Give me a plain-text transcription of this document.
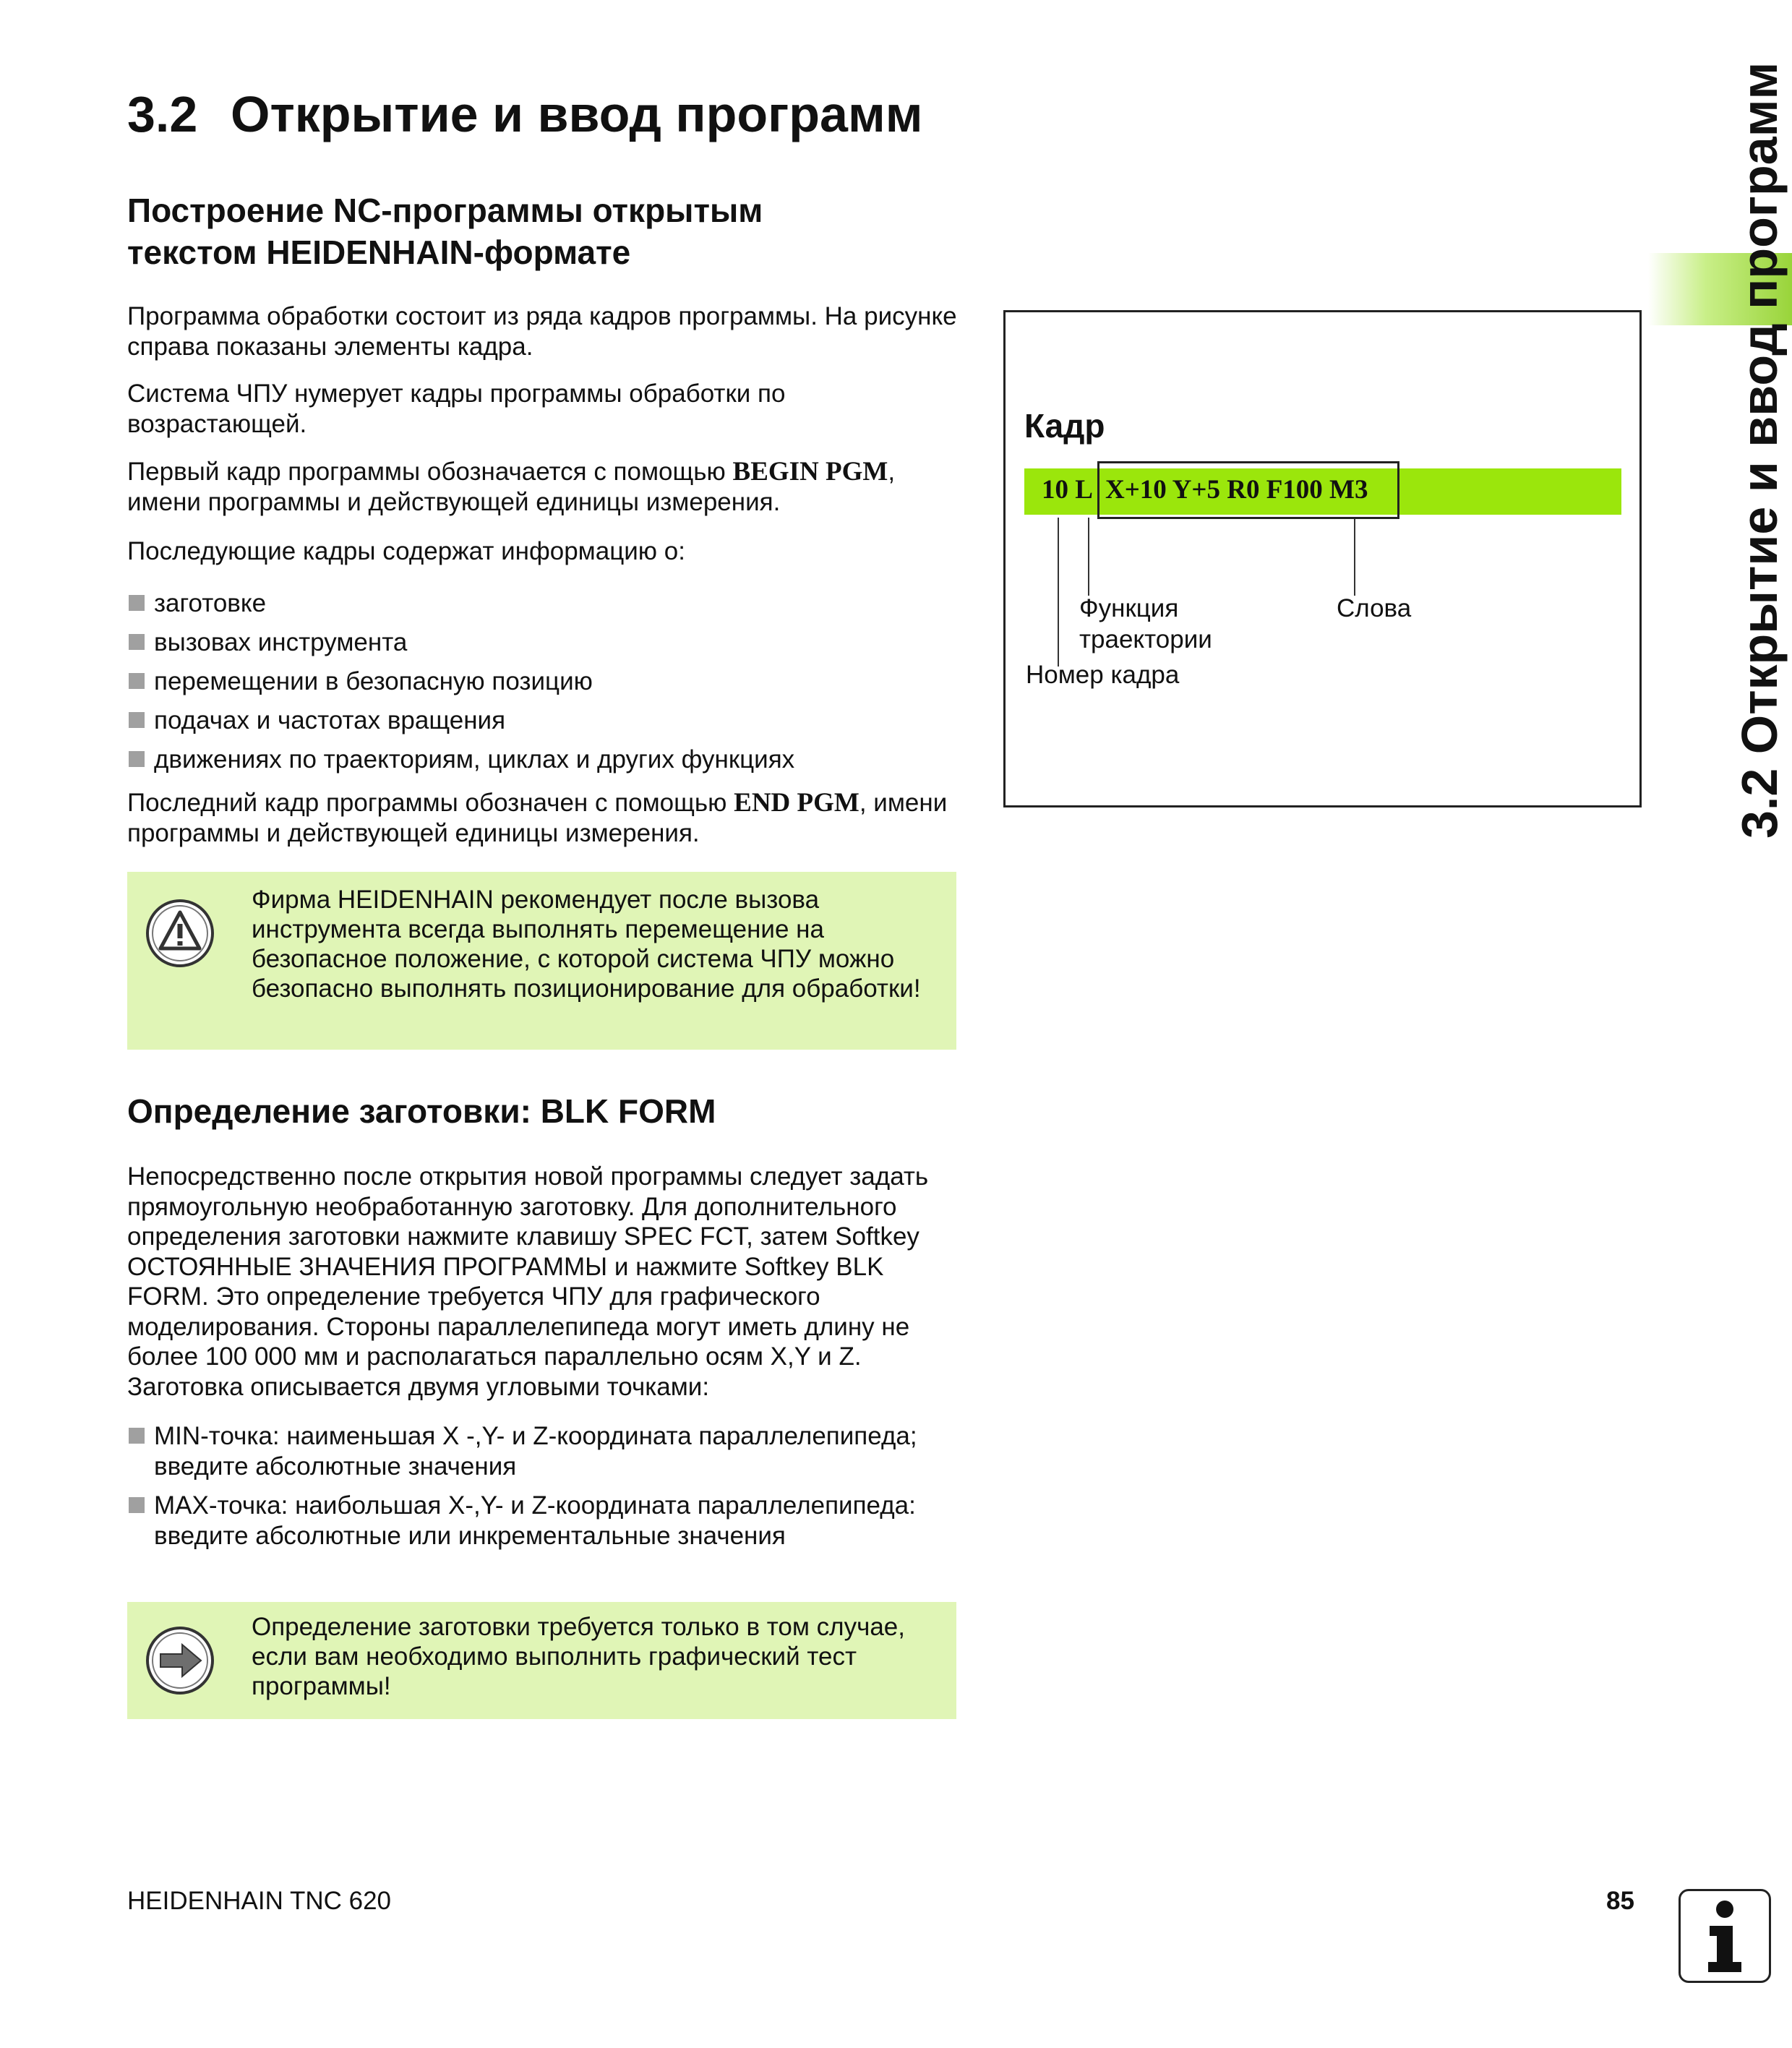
3.2 Открытие и ввод программ
Построение NC-программы открытым
текстом HEIDENHAIN-формате
Программа обработки состоит из ряда кадров программы. На рисунке справа показаны элементы кадра.
Система ЧПУ нумерует кадры программы обработки по возрастающей.
Первый кадр программы обозначается с помощью BEGIN PGM, имени программы и действующей единицы измерения.
Последующие кадры содержат информацию о:
заготовке
вызовах инструмента
перемещении в безопасную позицию
подачах и частотах вращения
движениях по траекториям, циклах и других функциях
Последний кадр программы обозначен с помощью END PGM, имени программы и действующей единицы измерения.
Фирма HEIDENHAIN рекомендует после вызова инструмента всегда выполнять перемещение на безопасное положение, с которой система ЧПУ можно безопасно выполнять позиционирование для обработки!
Определение заготовки: BLK FORM
Непосредственно после открытия новой программы следует задать прямоугольную необработанную заготовку. Для дополнительного определения заготовки нажмите клавишу SPEC FCT, затем Softkey ОСТОЯННЫЕ ЗНАЧЕНИЯ ПРОГРАММЫ и нажмите Softkey BLK FORM. Это определение требуется ЧПУ для графического моделирования. Стороны параллелепипеда могут иметь длину не более 100 000 мм и располагаться параллельно осям X,Y и Z. Заготовка описывается двумя угловыми точками:
MIN-точка: наименьшая X -,Y- и Z-координата параллелепипеда; введите абсолютные значения
MAX-точка: наибольшая X-,Y- и Z-координата параллелепипеда: введите абсолютные или инкрементальные значения
Определение заготовки требуется только в том случае, если вам необходимо выполнить графический тест программы!
Кадр
10 L X+10 Y+5 R0 F100 M3
Функция
траектории
Слова
Номер кадра	3.2 Открытие и ввод программ
HEIDENHAIN TNC 620	85
